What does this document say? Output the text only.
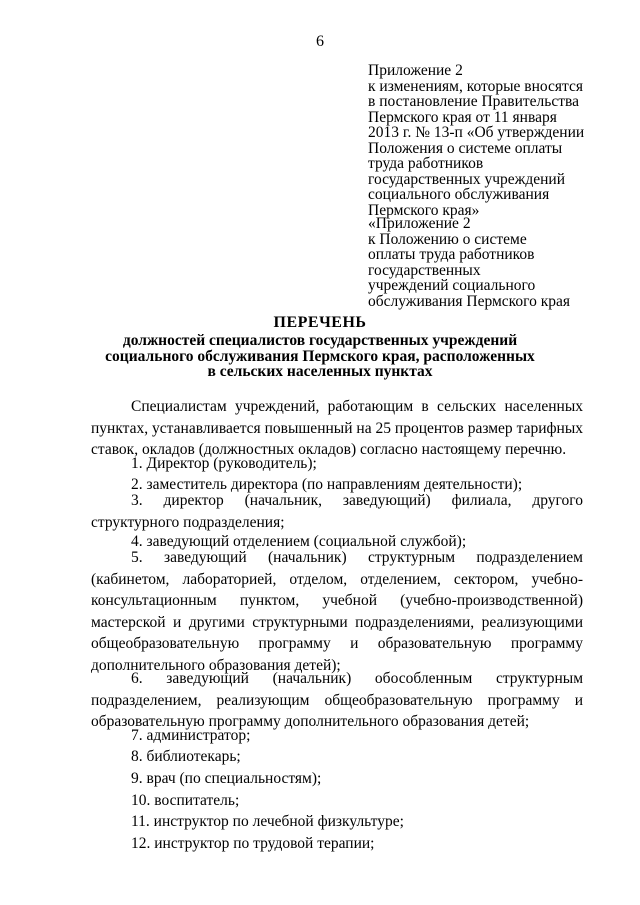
6
Приложение 2
к изменениям, которые вносятся
в постановление Правительства
Пермского края от 11 января
2013 г. № 13-п «Об утверждении
Положения о системе оплаты
труда работников
государственных учреждений
социального обслуживания
Пермского края»
«Приложение 2
к Положению о системе
оплаты труда работников
государственных
учреждений социального
обслуживания Пермского края
ПЕРЕЧЕНЬ
должностей специалистов государственных учреждений
социального обслуживания Пермского края, расположенных
в сельских населенных пунктах

Специалистам учреждений, работающим в сельских населенных пунктах, устанавливается повышенный на 25 процентов размер тарифных ставок, окладов (должностных окладов) согласно настоящему перечню.

1. Директор (руководитель);

2. заместитель директора (по направлениям деятельности);

3. директор (начальник, заведующий) филиала, другого структурного подразделения;

4. заведующий отделением (социальной службой);

5. заведующий (начальник) структурным подразделением (кабинетом, лабораторией, отделом, отделением, сектором, учебно-консультационным пунктом, учебной (учебно-производственной) мастерской и другими структурными подразделениями, реализующими общеобразовательную программу и образовательную программу дополнительного образования детей);

6. заведующий (начальник) обособленным структурным подразделением, реализующим общеобразовательную программу и образовательную программу дополнительного образования детей;

7. администратор;

8. библиотекарь;

9. врач (по специальностям);

10. воспитатель;

11. инструктор по лечебной физкультуре;

12. инструктор по трудовой терапии;
